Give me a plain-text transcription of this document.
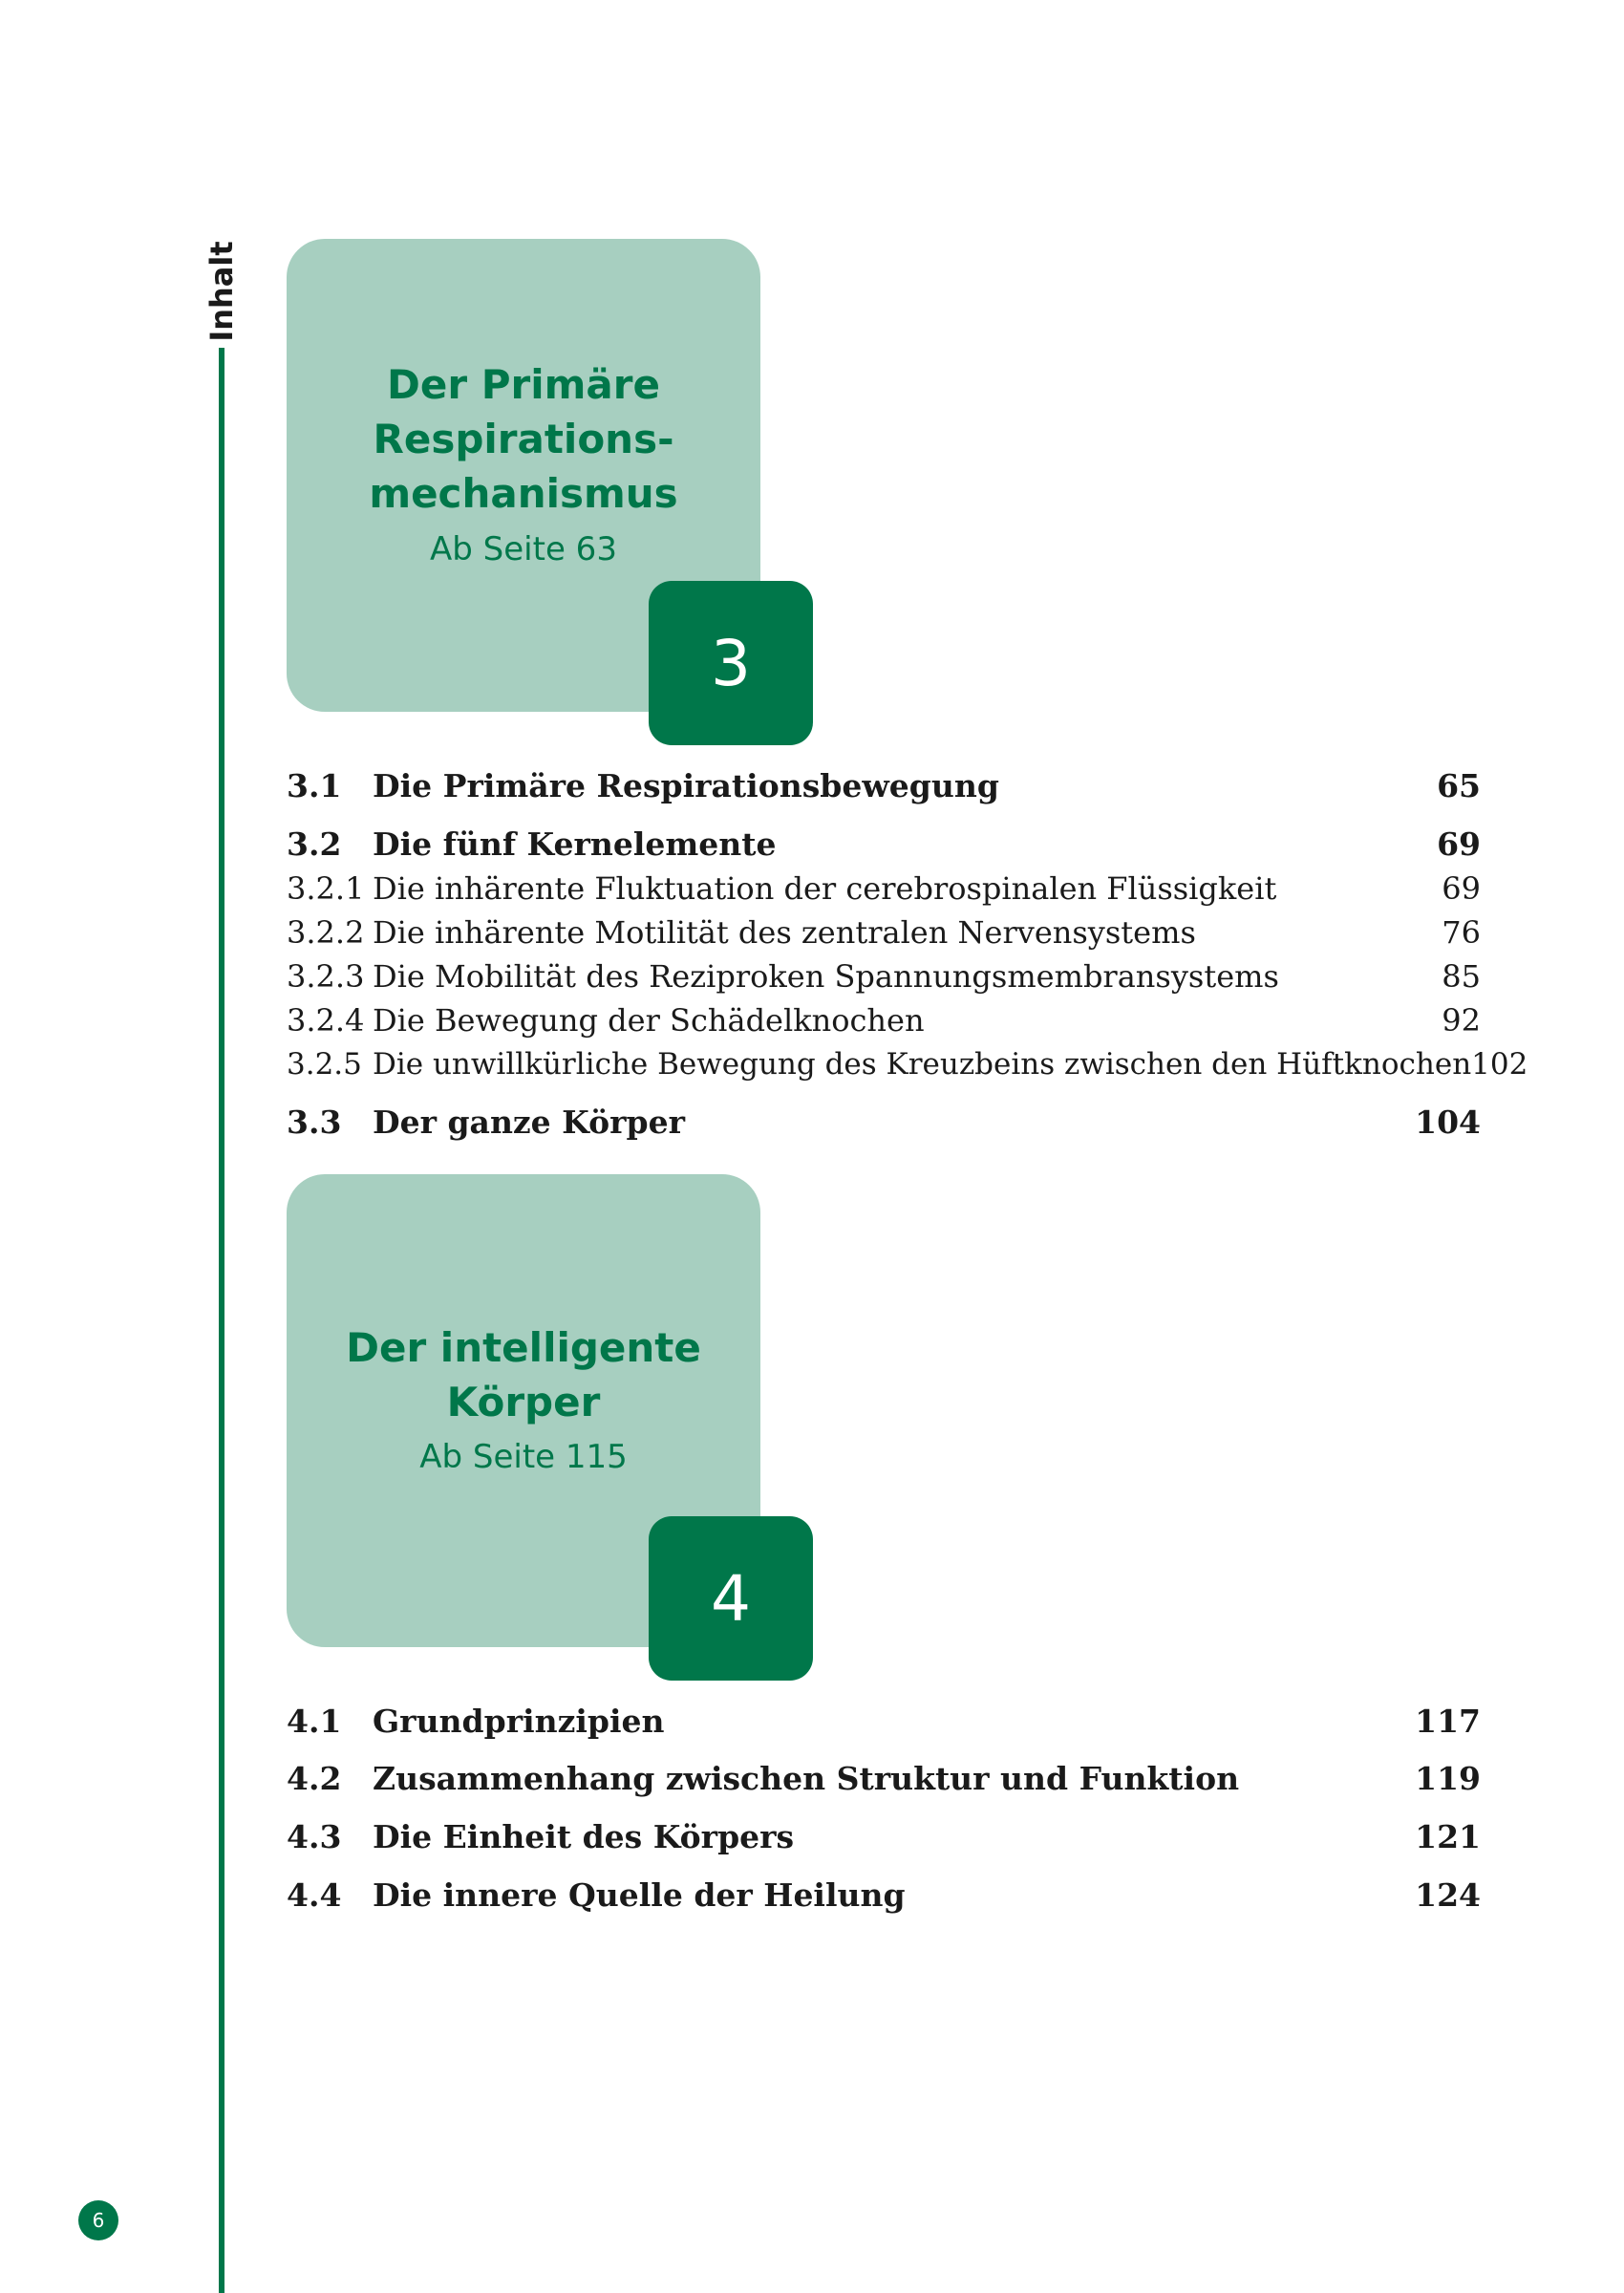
Inhalt
Der Primäre
Respirations-
mechanismus
Ab Seite 63
3
3.1 Die Primäre Respirationsbewegung	65
3.2 Die fünf Kernelemente	69
3.2.1 Die inhärente Fluktuation der cerebrospinalen Flüssigkeit	69
3.2.2 Die inhärente Motilität des zentralen Nervensystems	76
3.2.3 Die Mobilität des Reziproken Spannungsmembransystems	85
3.2.4 Die Bewegung der Schädelknochen	92
3.2.5 Die unwillkürliche Bewegung des Kreuzbeins zwischen den Hüftknochen 102
3.3 Der ganze Körper	104
Der intelligente
Körper
Ab Seite 115
4
4.1 Grundprinzipien	117
4.2 Zusammenhang zwischen Struktur und Funktion	119
4.3 Die Einheit des Körpers	121
4.4 Die innere Quelle der Heilung	124
6
